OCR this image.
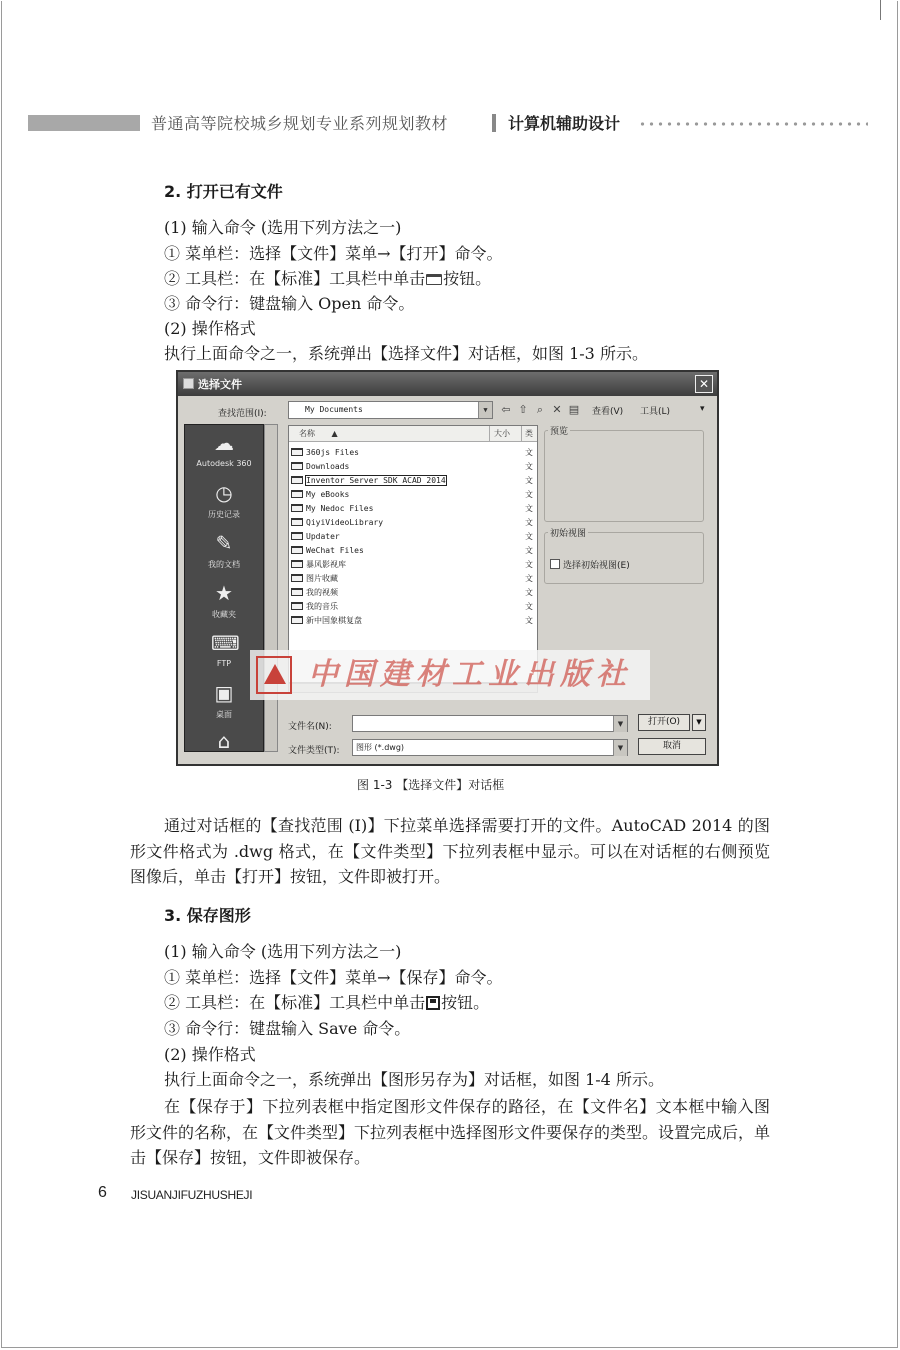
普通高等院校城乡规划专业系列规划教材	计算机辅助设计
2. 打开已有文件
(1) 输入命令 (选用下列方法之一)
① 菜单栏：选择【文件】菜单→【打开】命令。
② 工具栏：在【标准】工具栏中单击 按钮。
③ 命令行：键盘输入 Open 命令。
(2) 操作格式
执行上面命令之一，系统弹出【选择文件】对话框，如图 1-3 所示。
选择文件	✕
查找范围(I):	My Documents	▼	⇦ ⇧ ⌕ ✕ ▤ 查看(V) 工具(L)	▾
☁
Autodesk 360
◷
历史记录
✎
我的文档
★
收藏夹
⌨
FTP
▣
桌面
⌂
名称 ▲	大小	类
360js Files	文
Downloads	文
Inventor Server SDK ACAD 2014	文
My eBooks	文
My Nedoc Files	文
QiyiVideoLibrary	文
Updater	文
WeChat Files	文
暴风影视库	文
图片收藏	文
我的视频	文
我的音乐	文
新中国象棋复盘	文
预览
初始视图
选择初始视图(E)
文件名(N):	▼
文件类型(T):	图形 (*.dwg)	▼
打开(O)	▼
取消
中国建材工业出版社
图 1-3 【选择文件】对话框
通过对话框的【查找范围 (I)】下拉菜单选择需要打开的文件。AutoCAD 2014 的图形文件格式为 .dwg 格式，在【文件类型】下拉列表框中显示。可以在对话框的右侧预览图像后，单击【打开】按钮，文件即被打开。
3. 保存图形
(1) 输入命令 (选用下列方法之一)
① 菜单栏：选择【文件】菜单→【保存】命令。
② 工具栏：在【标准】工具栏中单击 按钮。
③ 命令行：键盘输入 Save 命令。
(2) 操作格式
执行上面命令之一，系统弹出【图形另存为】对话框，如图 1-4 所示。
在【保存于】下拉列表框中指定图形文件保存的路径，在【文件名】文本框中输入图形文件的名称，在【文件类型】下拉列表框中选择图形文件要保存的类型。设置完成后，单击【保存】按钮，文件即被保存。
6 JISUANJIFUZHUSHEJI
